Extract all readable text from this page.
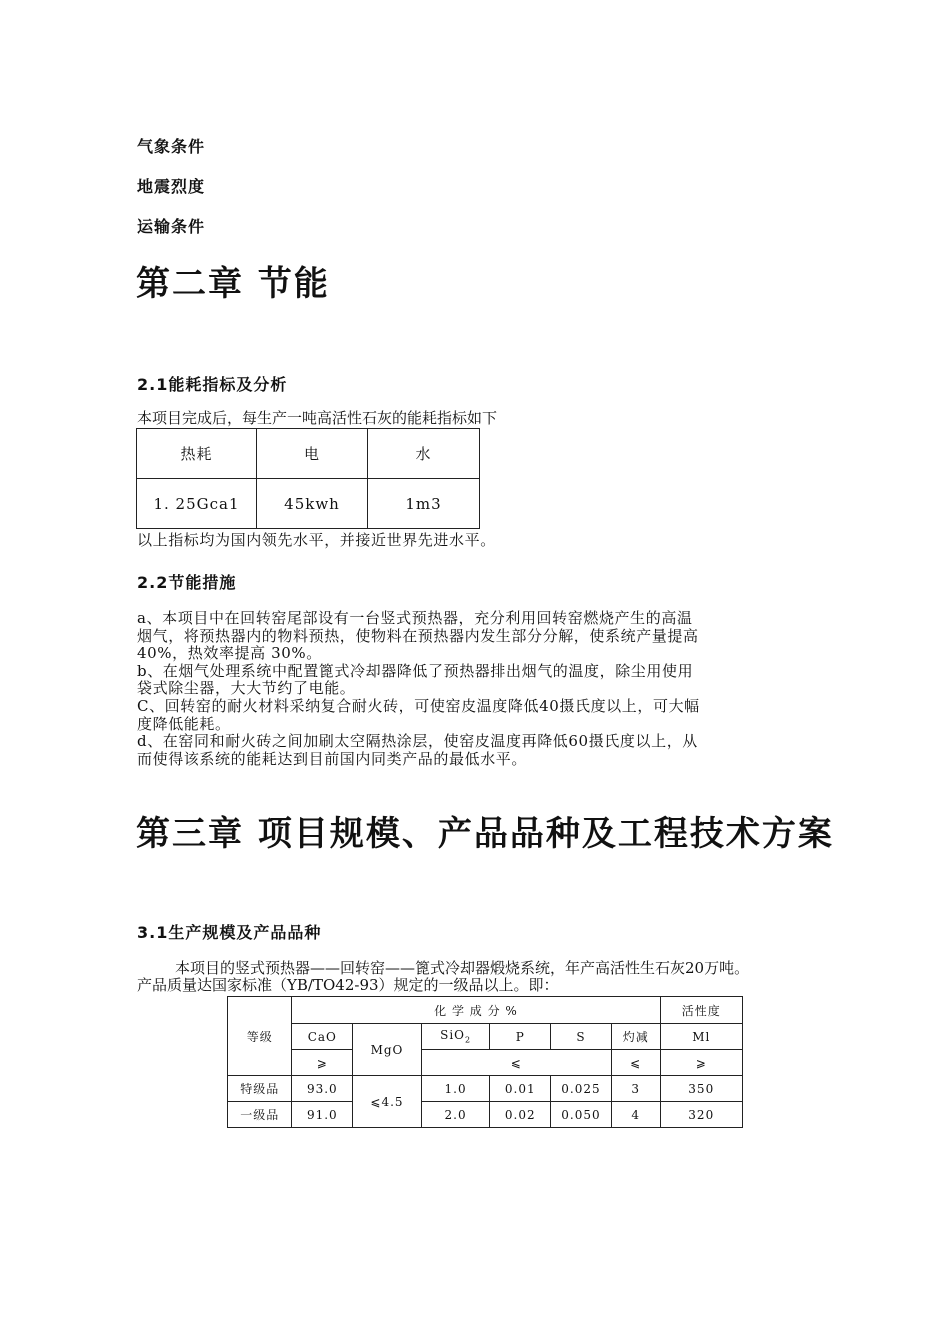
气象条件
地震烈度
运输条件
第二章 节能
2.1能耗指标及分析
本项目完成后，每生产一吨高活性石灰的能耗指标如下
热耗	电	水
1. 25Gca1	45kwh	1m3
以上指标均为国内领先水平，并接近世界先进水平。
2.2节能措施
a、本项目中在回转窑尾部设有一台竖式预热器，充分利用回转窑燃烧产生的高温
烟气，将预热器内的物料预热，使物料在预热器内发生部分分解，使系统产量提高
40%，热效率提高 30%。
b、在烟气处理系统中配置篦式冷却器降低了预热器排出烟气的温度，除尘用使用
袋式除尘器，大大节约了电能。
C、回转窑的耐火材料采纳复合耐火砖，可使窑皮温度降低40摄氏度以上，可大幅
度降低能耗。
d、在窑同和耐火砖之间加刷太空隔热涂层，使窑皮温度再降低60摄氏度以上，从
而使得该系统的能耗达到目前国内同类产品的最低水平。
第三章 项目规模、产品品种及工程技术方案
3.1生产规模及产品品种
本项目的竖式预热器——回转窑——篦式冷却器煅烧系统，年产高活性生石灰20万吨。
产品质量达国家标准（YB/TO42-93）规定的一级品以上。即：
等级	化 学 成 分 %						活性度
	CaO	MgO	SiO$_2$	P	S	灼减	Ml
	⩾		⩽			⩽	⩾
特级品	93.0	⩽4.5	1.0	0.01	0.025	3	350
一级品	91.0		2.0	0.02	0.050	4	320
